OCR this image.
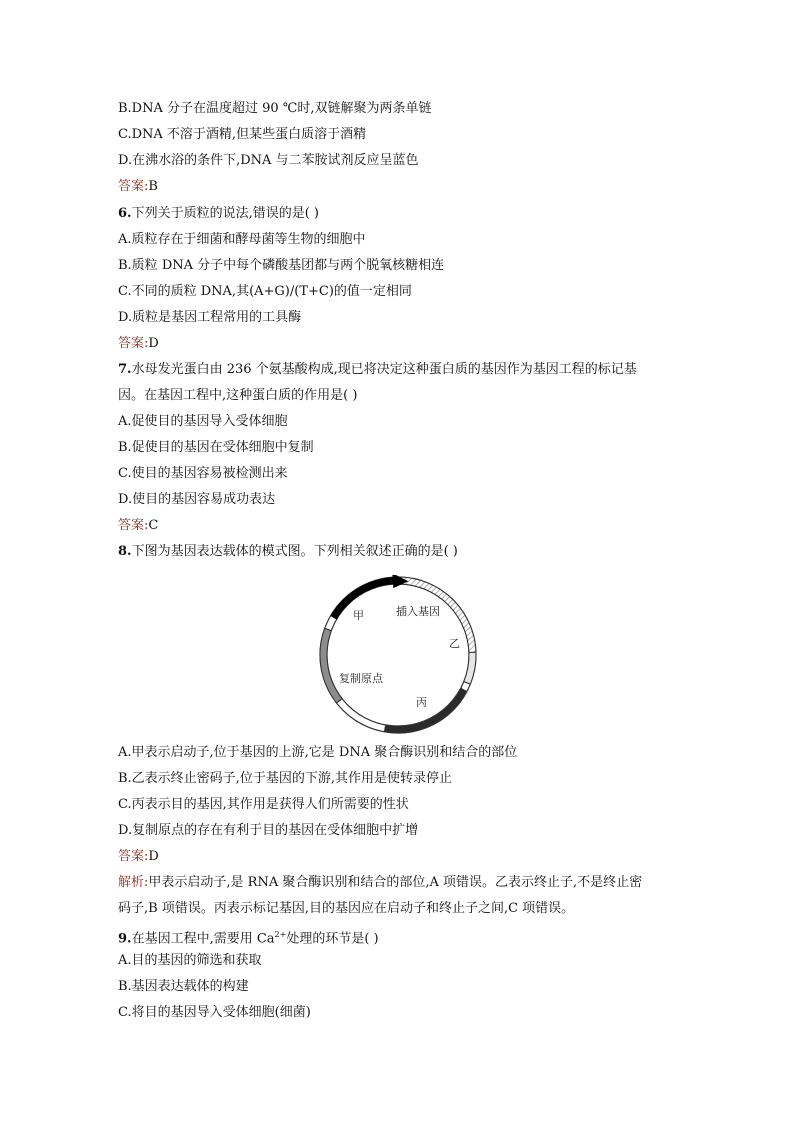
B.DNA 分子在温度超过 90 ℃时,双链解聚为两条单链
C.DNA 不溶于酒精,但某些蛋白质溶于酒精
D.在沸水浴的条件下,DNA 与二苯胺试剂反应呈蓝色
答案:B
6.下列关于质粒的说法,错误的是( )
A.质粒存在于细菌和酵母菌等生物的细胞中
B.质粒 DNA 分子中每个磷酸基团都与两个脱氧核糖相连
C.不同的质粒 DNA,其(A+G)/(T+C)的值一定相同
D.质粒是基因工程常用的工具酶
答案:D
7.水母发光蛋白由 236 个氨基酸构成,现已将决定这种蛋白质的基因作为基因工程的标记基
因。在基因工程中,这种蛋白质的作用是( )
A.促使目的基因导入受体细胞
B.促使目的基因在受体细胞中复制
C.使目的基因容易被检测出来
D.使目的基因容易成功表达
答案:C
8.下图为基因表达载体的模式图。下列相关叙述正确的是( )
甲	插入基因
乙
丙
复制原点
A.甲表示启动子,位于基因的上游,它是 DNA 聚合酶识别和结合的部位
B.乙表示终止密码子,位于基因的下游,其作用是使转录停止
C.丙表示目的基因,其作用是获得人们所需要的性状
D.复制原点的存在有利于目的基因在受体细胞中扩增
答案:D
解析:甲表示启动子,是 RNA 聚合酶识别和结合的部位,A 项错误。乙表示终止子,不是终止密
码子,B 项错误。丙表示标记基因,目的基因应在启动子和终止子之间,C 项错误。
9.在基因工程中,需要用 $Ca^{2+}$处理的环节是( )
A.目的基因的筛选和获取
B.基因表达载体的构建
C.将目的基因导入受体细胞(细菌)
